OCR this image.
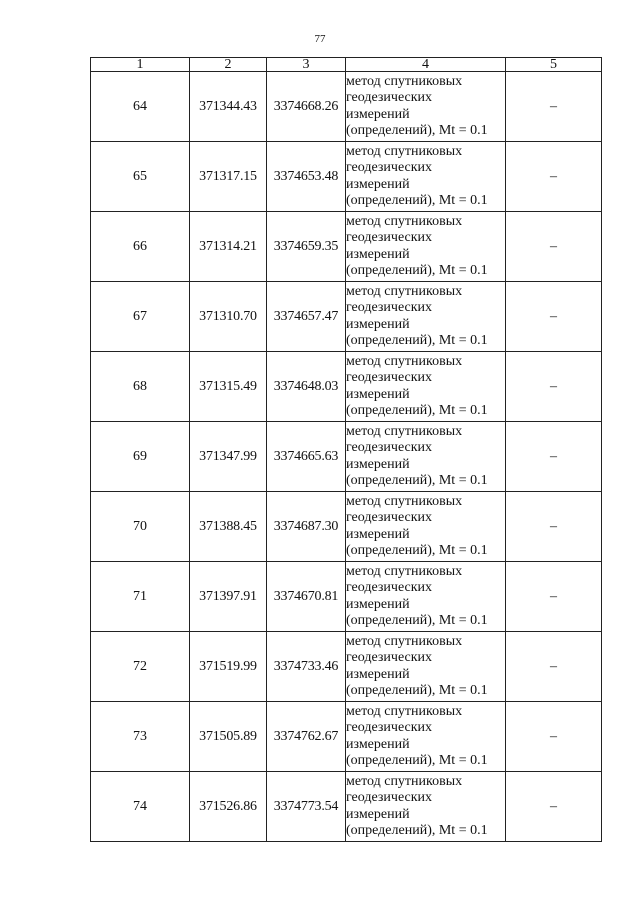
77
1	2	3	4	5
64	371344.43	3374668.26	метод спутниковых
геодезических
измерений
(определений), Mt = 0.1	–
65	371317.15	3374653.48	метод спутниковых
геодезических
измерений
(определений), Mt = 0.1	–
66	371314.21	3374659.35	метод спутниковых
геодезических
измерений
(определений), Mt = 0.1	–
67	371310.70	3374657.47	метод спутниковых
геодезических
измерений
(определений), Mt = 0.1	–
68	371315.49	3374648.03	метод спутниковых
геодезических
измерений
(определений), Mt = 0.1	–
69	371347.99	3374665.63	метод спутниковых
геодезических
измерений
(определений), Mt = 0.1	–
70	371388.45	3374687.30	метод спутниковых
геодезических
измерений
(определений), Mt = 0.1	–
71	371397.91	3374670.81	метод спутниковых
геодезических
измерений
(определений), Mt = 0.1	–
72	371519.99	3374733.46	метод спутниковых
геодезических
измерений
(определений), Mt = 0.1	–
73	371505.89	3374762.67	метод спутниковых
геодезических
измерений
(определений), Mt = 0.1	–
74	371526.86	3374773.54	метод спутниковых
геодезических
измерений
(определений), Mt = 0.1	–
